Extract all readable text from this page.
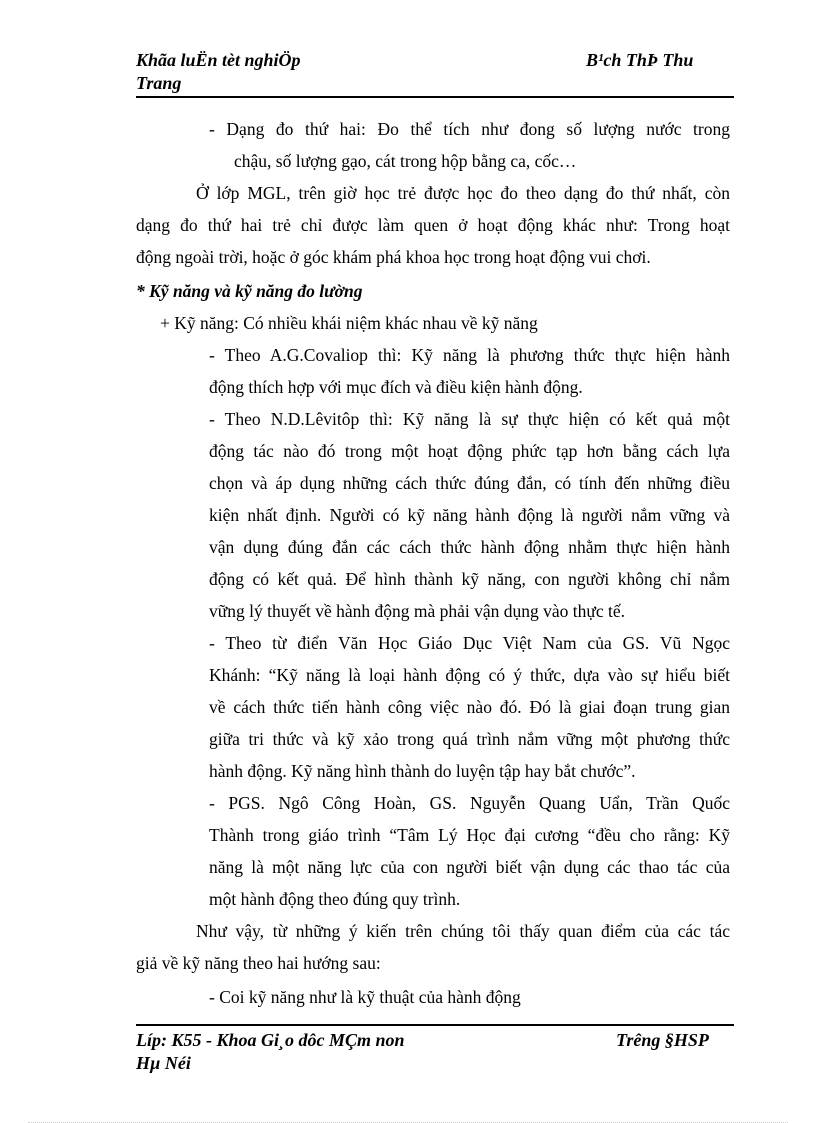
Khãa luËn tèt nghiÖp	B¹ch ThÞ Thu
Trang
- Dạng đo thứ hai: Đo thể tích như đong số lượng nước trong
chậu, số lượng gạo, cát trong hộp bằng ca, cốc…
Ở lớp MGL, trên giờ học trẻ được học đo theo dạng đo thứ nhất, còn
dạng đo thứ hai trẻ chỉ được làm quen ở hoạt động khác như: Trong hoạt
động ngoài trời, hoặc ở góc khám phá khoa học trong hoạt động vui chơi.
* Kỹ năng và kỹ năng đo lường
+ Kỹ năng: Có nhiều khái niệm khác nhau về kỹ năng
- Theo A.G.Covaliop thì: Kỹ năng là phương thức thực hiện hành
động thích hợp với mục đích và điều kiện hành động.
- Theo N.D.Lêvitôp thì: Kỹ năng là sự thực hiện có kết quả một
động tác nào đó trong một hoạt động phức tạp hơn bằng cách lựa
chọn và áp dụng những cách thức đúng đắn, có tính đến những điều
kiện nhất định. Người có kỹ năng hành động là người nắm vững và
vận dụng đúng đắn các cách thức hành động nhằm thực hiện hành
động có kết quả. Để hình thành kỹ năng, con người không chỉ nắm
vững lý thuyết về hành động mà phải vận dụng vào thực tế.
- Theo từ điển Văn Học Giáo Dục Việt Nam của GS. Vũ Ngọc
Khánh: “Kỹ năng là loại hành động có ý thức, dựa vào sự hiểu biết
về cách thức tiến hành công việc nào đó. Đó là giai đoạn trung gian
giữa tri thức và kỹ xảo trong quá trình nắm vững một phương thức
hành động. Kỹ năng hình thành do luyện tập hay bắt chước”.
- PGS. Ngô Công Hoàn, GS. Nguyễn Quang Uẩn, Trần Quốc
Thành trong giáo trình “Tâm Lý Học đại cương “đều cho rằng: Kỹ
năng là một năng lực của con người biết vận dụng các thao tác của
một hành động theo đúng quy trình.
Như vậy, từ những ý kiến trên chúng tôi thấy quan điểm của các tác
giả về kỹ năng theo hai hướng sau:
- Coi kỹ năng như là kỹ thuật của hành động
Líp: K55 - Khoa Gi¸o dôc MÇm non	Trêng §HSP
Hµ Néi
